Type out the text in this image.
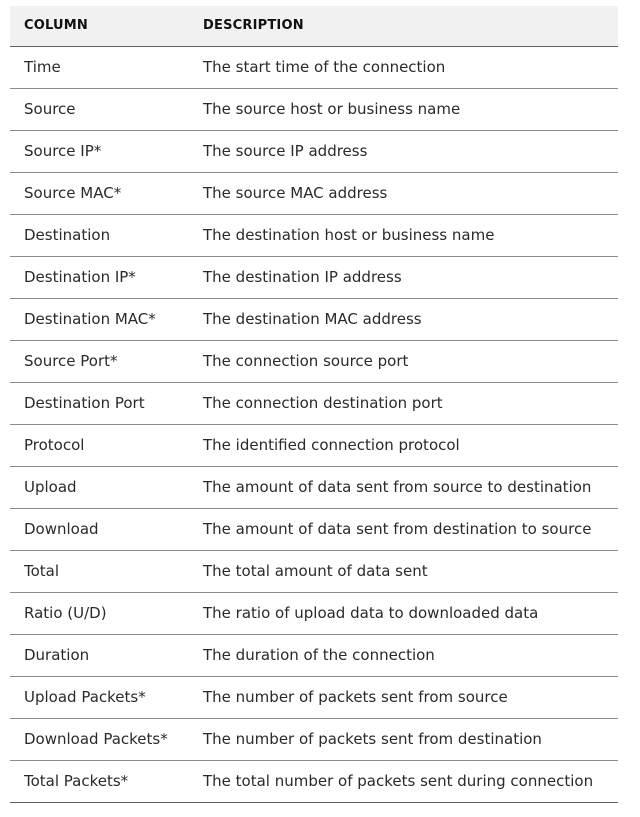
COLUMN	DESCRIPTION
Time	The start time of the connection
Source	The source host or business name
Source IP*	The source IP address
Source MAC*	The source MAC address
Destination	The destination host or business name
Destination IP*	The destination IP address
Destination MAC*	The destination MAC address
Source Port*	The connection source port
Destination Port	The connection destination port
Protocol	The identified connection protocol
Upload	The amount of data sent from source to destination
Download	The amount of data sent from destination to source
Total	The total amount of data sent
Ratio (U/D)	The ratio of upload data to downloaded data
Duration	The duration of the connection
Upload Packets*	The number of packets sent from source
Download Packets*	The number of packets sent from destination
Total Packets*	The total number of packets sent during connection
